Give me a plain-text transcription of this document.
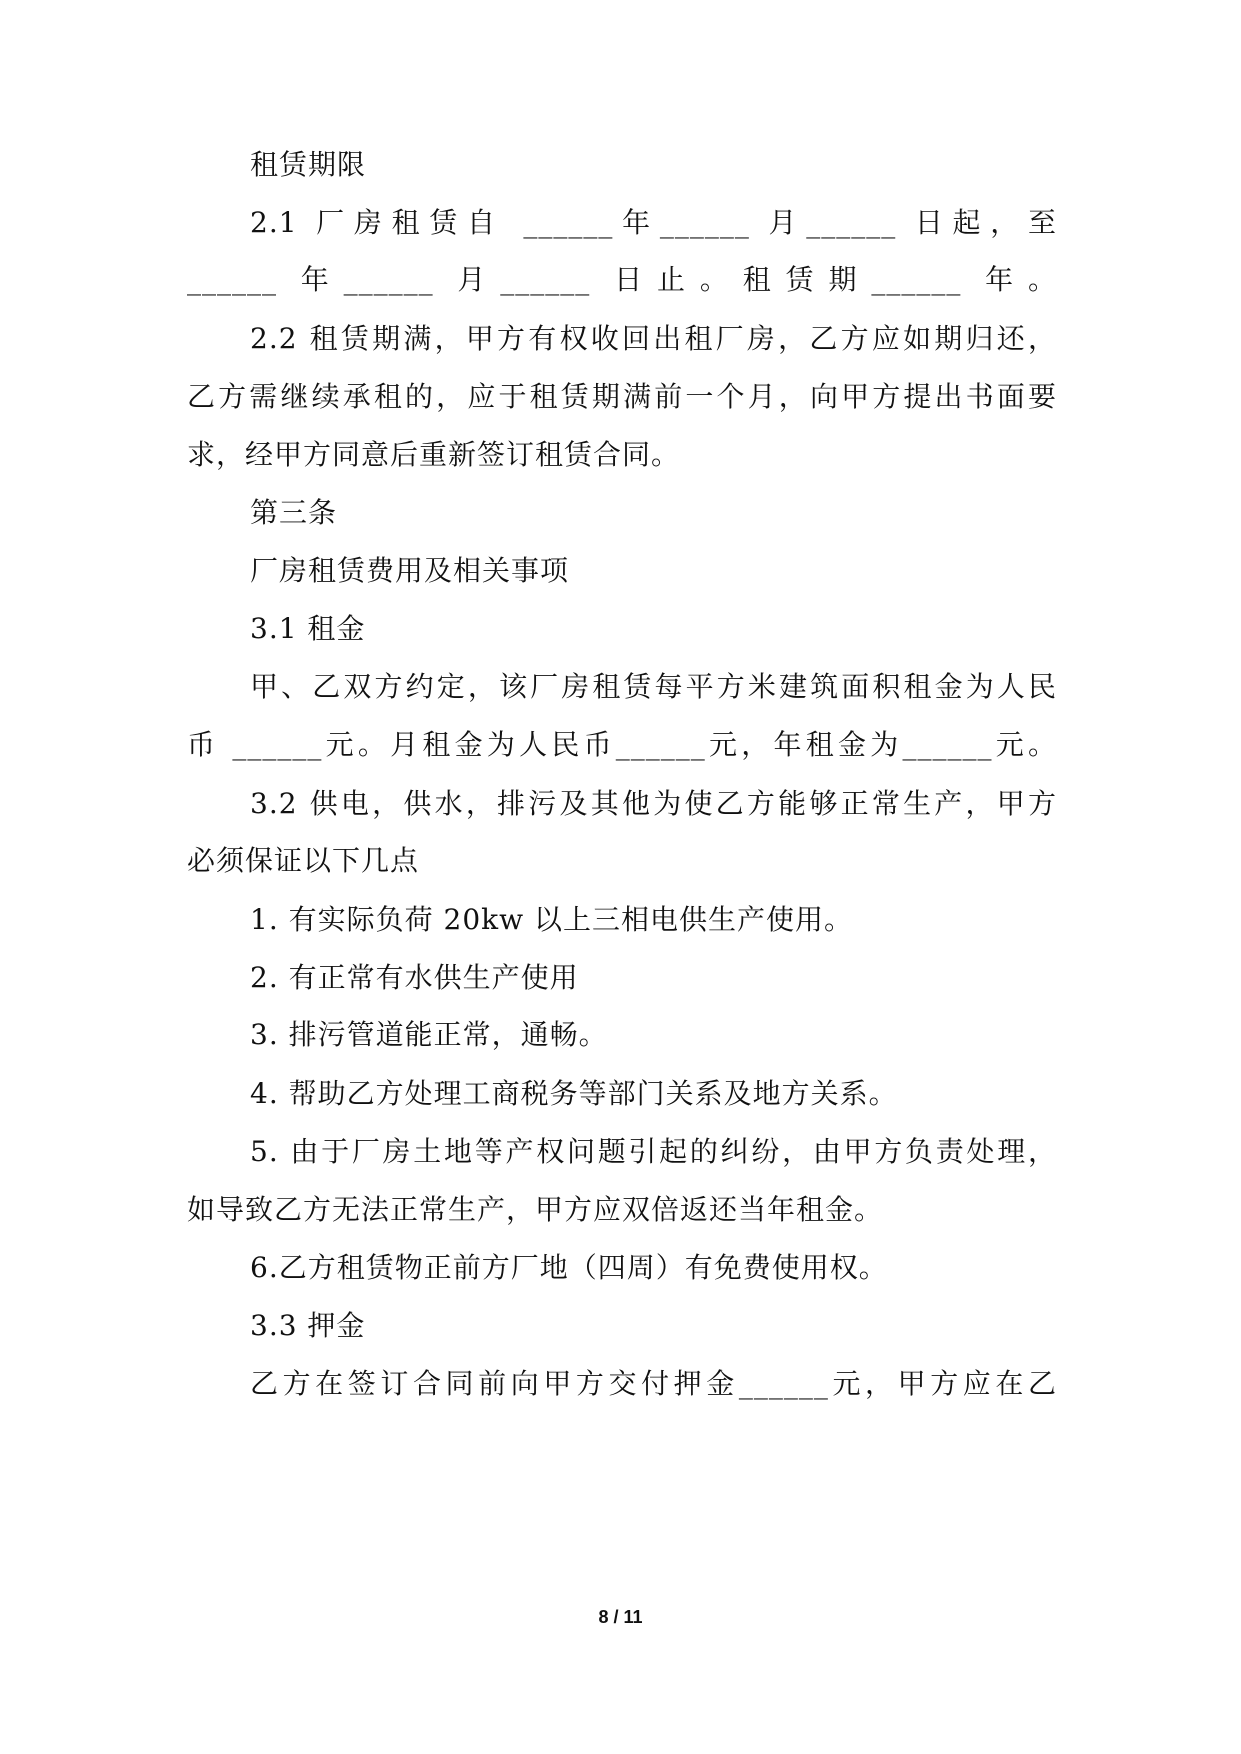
租赁期限
2.1 厂房租赁自 ______年______ 月______ 日起，至
______ 年______ 月______ 日止。租赁期______ 年。
2.2 租赁期满，甲方有权收回出租厂房，乙方应如期归还，
乙方需继续承租的，应于租赁期满前一个月，向甲方提出书面要
求，经甲方同意后重新签订租赁合同。
第三条
厂房租赁费用及相关事项
3.1 租金
甲、乙双方约定，该厂房租赁每平方米建筑面积租金为人民
币 ______元。月租金为人民币______元，年租金为______元。
3.2 供电，供水，排污及其他为使乙方能够正常生产，甲方
必须保证以下几点
1. 有实际负荷 20kw 以上三相电供生产使用。
2. 有正常有水供生产使用
3. 排污管道能正常，通畅。
4. 帮助乙方处理工商税务等部门关系及地方关系。
5. 由于厂房土地等产权问题引起的纠纷，由甲方负责处理，
如导致乙方无法正常生产，甲方应双倍返还当年租金。
6.乙方租赁物正前方厂地（四周）有免费使用权。
3.3 押金
乙方在签订合同前向甲方交付押金______元，甲方应在乙
8 / 11
